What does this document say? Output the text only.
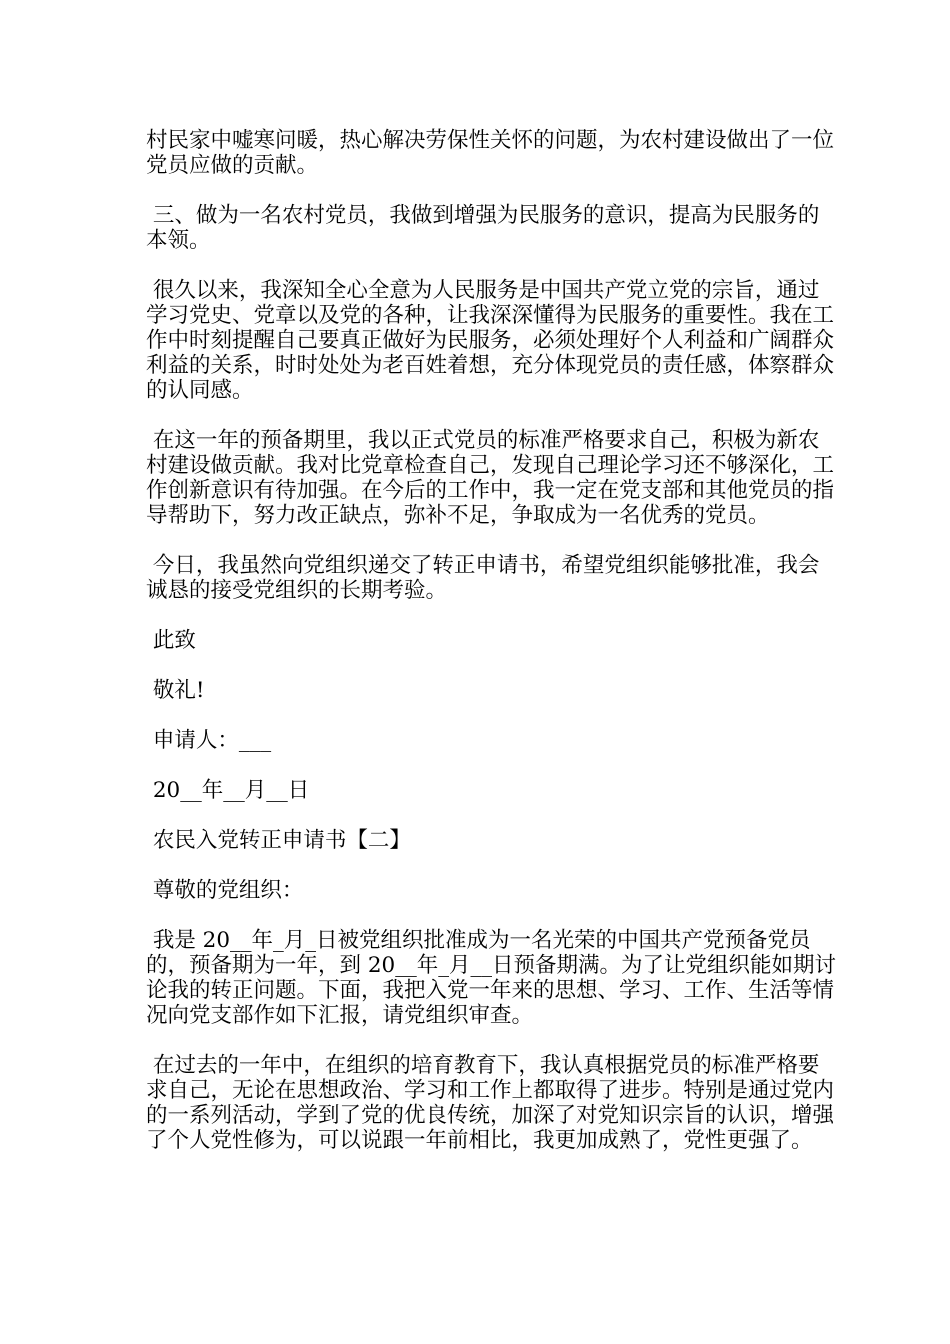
村民家中嘘寒问暖，热心解决劳保性关怀的问题，为农村建设做出了一位党员应做的贡献。

三、做为一名农村党员，我做到增强为民服务的意识，提高为民服务的本领。

很久以来，我深知全心全意为人民服务是中国共产党立党的宗旨，通过学习党史、党章以及党的各种，让我深深懂得为民服务的重要性。我在工作中时刻提醒自己要真正做好为民服务，必须处理好个人利益和广阔群众利益的关系，时时处处为老百姓着想，充分体现党员的责任感，体察群众的认同感。

在这一年的预备期里，我以正式党员的标准严格要求自己，积极为新农村建设做贡献。我对比党章检查自己，发现自己理论学习还不够深化，工作创新意识有待加强。在今后的工作中，我一定在党支部和其他党员的指导帮助下，努力改正缺点，弥补不足，争取成为一名优秀的党员。

今日，我虽然向党组织递交了转正申请书，希望党组织能够批准，我会诚恳的接受党组织的长期考验。

此致

敬礼!

申请人：___

20__年__月__日

农民入党转正申请书【二】

尊敬的党组织：

我是 20__年_月_日被党组织批准成为一名光荣的中国共产党预备党员的，预备期为一年，到 20__年_月__日预备期满。为了让党组织能如期讨论我的转正问题。下面，我把入党一年来的思想、学习、工作、生活等情况向党支部作如下汇报，请党组织审查。

在过去的一年中，在组织的培育教育下，我认真根据党员的标准严格要求自己，无论在思想政治、学习和工作上都取得了进步。特别是通过党内的一系列活动，学到了党的优良传统，加深了对党知识宗旨的认识，增强了个人党性修为，可以说跟一年前相比，我更加成熟了，党性更强了。
